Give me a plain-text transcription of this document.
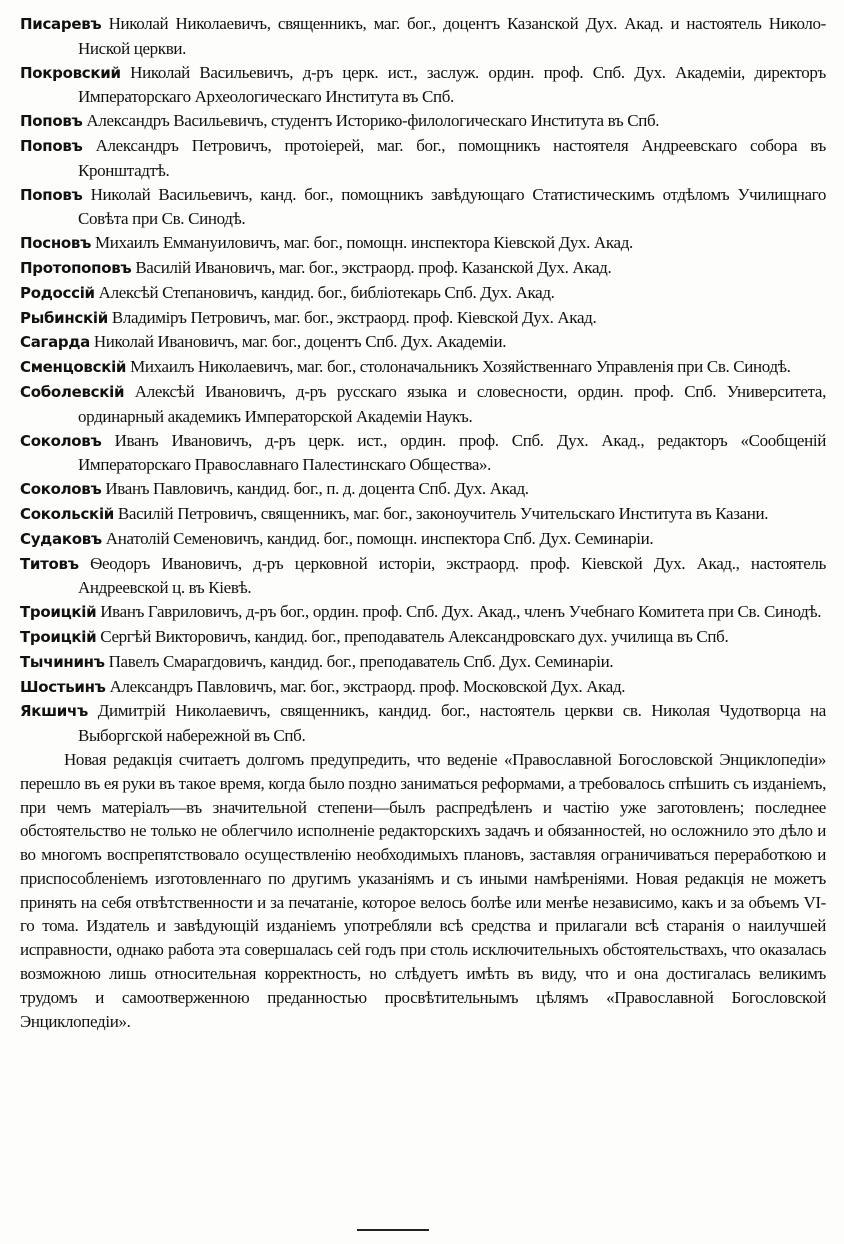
Писаревъ Николай Николаевичъ, священникъ, маг. бог., доцентъ Казанской Дух. Акад. и настоятель Николо-Ниской церкви.

Покровский Николай Васильевичъ, д-ръ церк. ист., заслуж. ордин. проф. Спб. Дух. Академiи, директоръ Императорскаго Археологическаго Института въ Спб.

Поповъ Александръ Васильевичъ, студентъ Историко-филологическаго Института въ Спб.

Поповъ Александръ Петровичъ, протоiерей, маг. бог., помощникъ настоятеля Андреевскаго собора въ Кронштадтѣ.

Поповъ Николай Васильевичъ, канд. бог., помощникъ завѣдующаго Статистическимъ отдѣломъ Училищнаго Совѣта при Св. Синодѣ.

Посновъ Михаилъ Еммануиловичъ, маг. бог., помощн. инспектора Кiевской Дух. Акад.

Протопоповъ Василiй Ивановичъ, маг. бог., экстраорд. проф. Казанской Дух. Акад.

Родоссiй Алексѣй Степановичъ, кандид. бог., библiотекарь Спб. Дух. Акад.

Рыбинскiй Владимiръ Петровичъ, маг. бог., экстраорд. проф. Кiевской Дух. Акад.

Сагарда Николай Ивановичъ, маг. бог., доцентъ Спб. Дух. Академiи.

Сменцовскiй Михаилъ Николаевичъ, маг. бог., столоначальникъ Хозяйственнаго Управленiя при Св. Синодѣ.

Соболевскiй Алексѣй Ивановичъ, д-ръ русскаго языка и словесности, ордин. проф. Спб. Университета, ординарный академикъ Императорской Академiи Наукъ.

Соколовъ Иванъ Ивановичъ, д-ръ церк. ист., ордин. проф. Спб. Дух. Акад., редакторъ «Сообщенiй Императорскаго Православнаго Палестинскаго Общества».

Соколовъ Иванъ Павловичъ, кандид. бог., п. д. доцента Спб. Дух. Акад.

Сокольскiй Василiй Петровичъ, священникъ, маг. бог., законоучитель Учительскаго Института въ Казани.

Судаковъ Анатолiй Семеновичъ, кандид. бог., помощн. инспектора Спб. Дух. Семинарiи.

Титовъ Ѳеодоръ Ивановичъ, д-ръ церковной исторiи, экстраорд. проф. Кiевской Дух. Акад., настоятель Андреевской ц. въ Кiевѣ.

Троицкiй Иванъ Гавриловичъ, д-ръ бог., ордин. проф. Спб. Дух. Акад., членъ Учебнаго Комитета при Св. Синодѣ.

Троицкiй Сергѣй Викторовичъ, кандид. бог., преподаватель Александровскаго дух. училища въ Спб.

Тычининъ Павелъ Смарагдовичъ, кандид. бог., преподаватель Спб. Дух. Семинарiи.

Шостьинъ Александръ Павловичъ, маг. бог., экстраорд. проф. Московской Дух. Акад.

Якшичъ Димитрiй Николаевичъ, священникъ, кандид. бог., настоятель церкви св. Николая Чудотворца на Выборгской набережной въ Спб.

Новая редакцiя считаетъ долгомъ предупредить, что веденiе «Православной Богословской Энциклопедiи» перешло въ ея руки въ такое время, когда было поздно заниматься реформами, а требовалось спѣшить съ изданiемъ, при чемъ матерiалъ—въ значительной степени—былъ распредѣленъ и частiю уже заготовленъ; последнее обстоятельство не только не облегчило исполненiе редакторскихъ задачъ и обязанностей, но осложнило это дѣло и во многомъ воспрепятствовало осуществленiю необходимыхъ плановъ, заставляя ограничиваться переработкою и приспособленiемъ изготовленнаго по другимъ указанiямъ и съ иными намѣренiями. Новая редакцiя не можетъ принять на себя отвѣтственности и за печатанiе, которое велось болѣе или менѣе независимо, какъ и за объемъ VI-го тома. Издатель и завѣдующiй изданiемъ употребляли всѣ средства и прилагали всѣ старанiя о наилучшей исправности, однако работа эта совершалась сей годъ при столь исключительныхъ обстоятельствахъ, что оказалась возможною лишь относительная корректность, но слѣдуетъ имѣть въ виду, что и она достигалась великимъ трудомъ и самоотверженною преданностью просвѣтительнымъ цѣлямъ «Православной Богословской Энциклопедiи».
